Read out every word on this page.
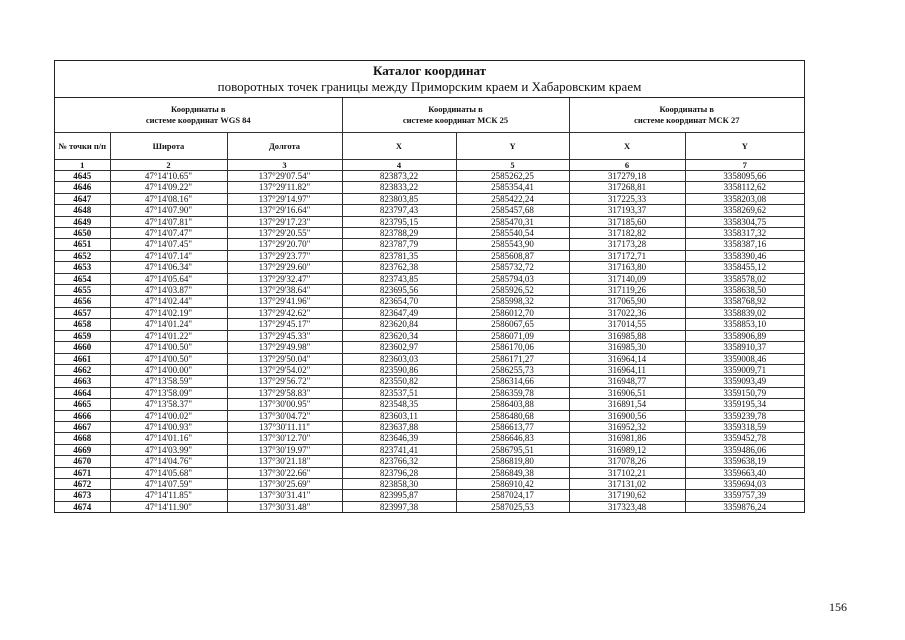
Каталог координат
поворотных точек границы между Приморским краем и Хабаровским краем
Координаты в
системе координат WGS 84			Координаты в
системе координат МСК 25		Координаты в
системе координат МСК 27	
№ точки п/п	Широта	Долгота	X	Y	X	Y
1	2	3	4	5	6	7
4645	47°14'10.65"	137°29'07.54"	823873,22	2585262,25	317279,18	3358095,66
4646	47°14'09.22"	137°29'11.82"	823833,22	2585354,41	317268,81	3358112,62
4647	47°14'08.16"	137°29'14.97"	823803,85	2585422,24	317225,33	3358203,08
4648	47°14'07.90"	137°29'16.64"	823797,43	2585457,68	317193,37	3358269,62
4649	47°14'07.81"	137°29'17.23"	823795,15	2585470,31	317185,60	3358304,75
4650	47°14'07.47"	137°29'20.55"	823788,29	2585540,54	317182,82	3358317,32
4651	47°14'07.45"	137°29'20.70"	823787,79	2585543,90	317173,28	3358387,16
4652	47°14'07.14"	137°29'23.77"	823781,35	2585608,87	317172,71	3358390,46
4653	47°14'06.34"	137°29'29.60"	823762,38	2585732,72	317163,80	3358455,12
4654	47°14'05.64"	137°29'32.47"	823743,85	2585794,03	317140,09	3358578,02
4655	47°14'03.87"	137°29'38.64"	823695,56	2585926,52	317119,26	3358638,50
4656	47°14'02.44"	137°29'41.96"	823654,70	2585998,32	317065,90	3358768,92
4657	47°14'02.19"	137°29'42.62"	823647,49	2586012,70	317022,36	3358839,02
4658	47°14'01.24"	137°29'45.17"	823620,84	2586067,65	317014,55	3358853,10
4659	47°14'01.22"	137°29'45.33"	823620,34	2586071,09	316985,88	3358906,89
4660	47°14'00.50"	137°29'49.98"	823602,97	2586170,06	316985,30	3358910,37
4661	47°14'00.50"	137°29'50.04"	823603,03	2586171,27	316964,14	3359008,46
4662	47°14'00.00"	137°29'54.02"	823590,86	2586255,73	316964,11	3359009,71
4663	47°13'58.59"	137°29'56.72"	823550,82	2586314,66	316948,77	3359093,49
4664	47°13'58.09"	137°29'58.83"	823537,51	2586359,78	316906,51	3359150,79
4665	47°13'58.37"	137°30'00.95"	823548,35	2586403,88	316891,54	3359195,34
4666	47°14'00.02"	137°30'04.72"	823603,11	2586480,68	316900,56	3359239,78
4667	47°14'00.93"	137°30'11.11"	823637,88	2586613,77	316952,32	3359318,59
4668	47°14'01.16"	137°30'12.70"	823646,39	2586646,83	316981,86	3359452,78
4669	47°14'03.99"	137°30'19.97"	823741,41	2586795,51	316989,12	3359486,06
4670	47°14'04.76"	137°30'21.18"	823766,32	2586819,80	317078,26	3359638,19
4671	47°14'05.68"	137°30'22.66"	823796,28	2586849,38	317102,21	3359663,40
4672	47°14'07.59"	137°30'25.69"	823858,30	2586910,42	317131,02	3359694,03
4673	47°14'11.85"	137°30'31.41"	823995,87	2587024,17	317190,62	3359757,39
4674	47°14'11.90"	137°30'31.48"	823997,38	2587025,53	317323,48	3359876,24
156
